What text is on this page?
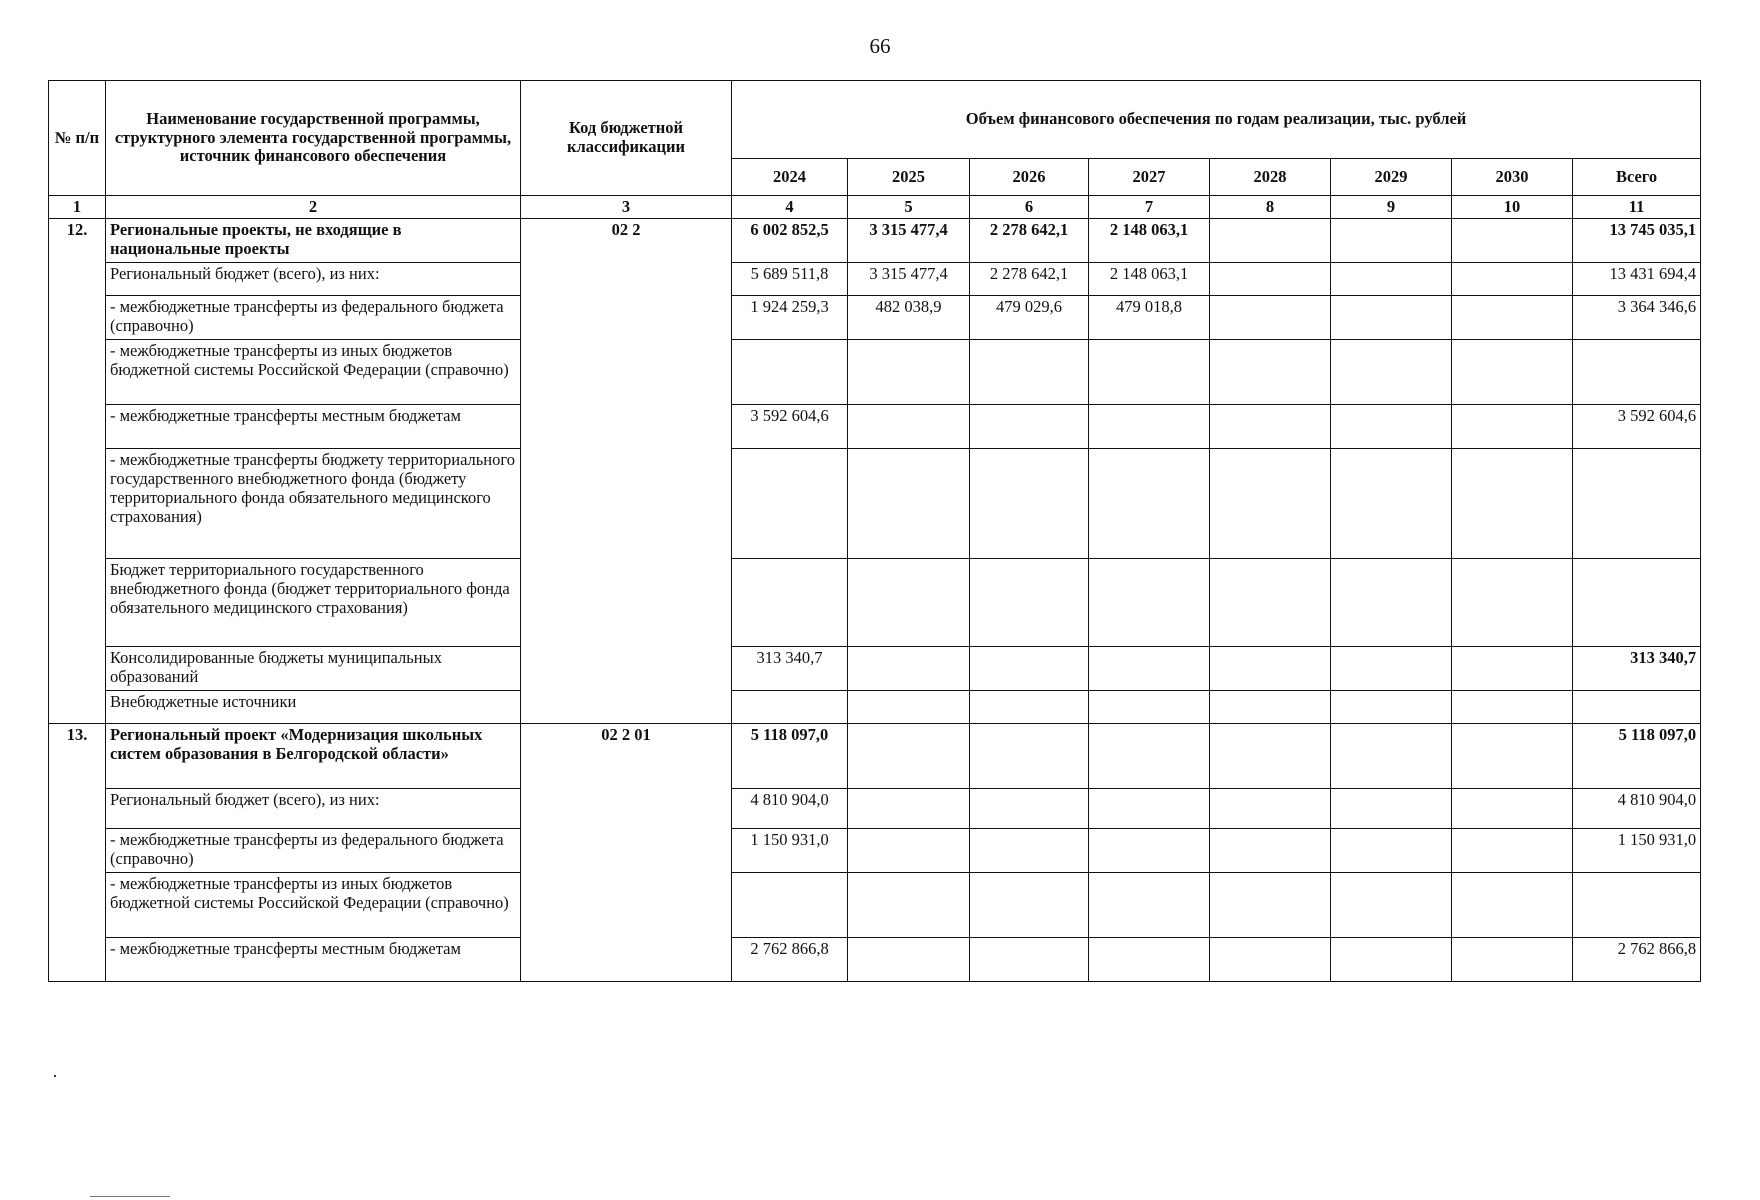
66
№ п/п	Наименование государственной программы, структурного элемента государственной программы, источник финансового обеспечения	Код бюджетной классификации	Объем финансового обеспечения по годам реализации, тыс. рублей							
			2024	2025	2026	2027	2028	2029	2030	Всего
1	2	3	4	5	6	7	8	9	10	11
12.	Региональные проекты, не входящие в национальные проекты	02 2	6 002 852,5	3 315 477,4	2 278 642,1	2 148 063,1				13 745 035,1
	Региональный бюджет (всего), из них:		5 689 511,8	3 315 477,4	2 278 642,1	2 148 063,1				13 431 694,4
	- межбюджетные трансферты из федерального бюджета (справочно)		1 924 259,3	482 038,9	479 029,6	479 018,8				3 364 346,6
	- межбюджетные трансферты из иных бюджетов бюджетной системы Российской Федерации (справочно)									
	- межбюджетные трансферты местным бюджетам		3 592 604,6							3 592 604,6
	- межбюджетные трансферты бюджету территориального государственного внебюджетного фонда (бюджету территориального фонда обязательного медицинского страхования)									
	Бюджет территориального государственного внебюджетного фонда (бюджет территориального фонда обязательного медицинского страхования)									
	Консолидированные бюджеты муниципальных образований		313 340,7							313 340,7
	Внебюджетные источники									
13.	Региональный проект «Модернизация школьных систем образования в Белгородской области»	02 2 01	5 118 097,0							5 118 097,0
	Региональный бюджет (всего), из них:		4 810 904,0							4 810 904,0
	- межбюджетные трансферты из федерального бюджета (справочно)		1 150 931,0							1 150 931,0
	- межбюджетные трансферты из иных бюджетов бюджетной системы Российской Федерации (справочно)									
	- межбюджетные трансферты местным бюджетам		2 762 866,8							2 762 866,8
